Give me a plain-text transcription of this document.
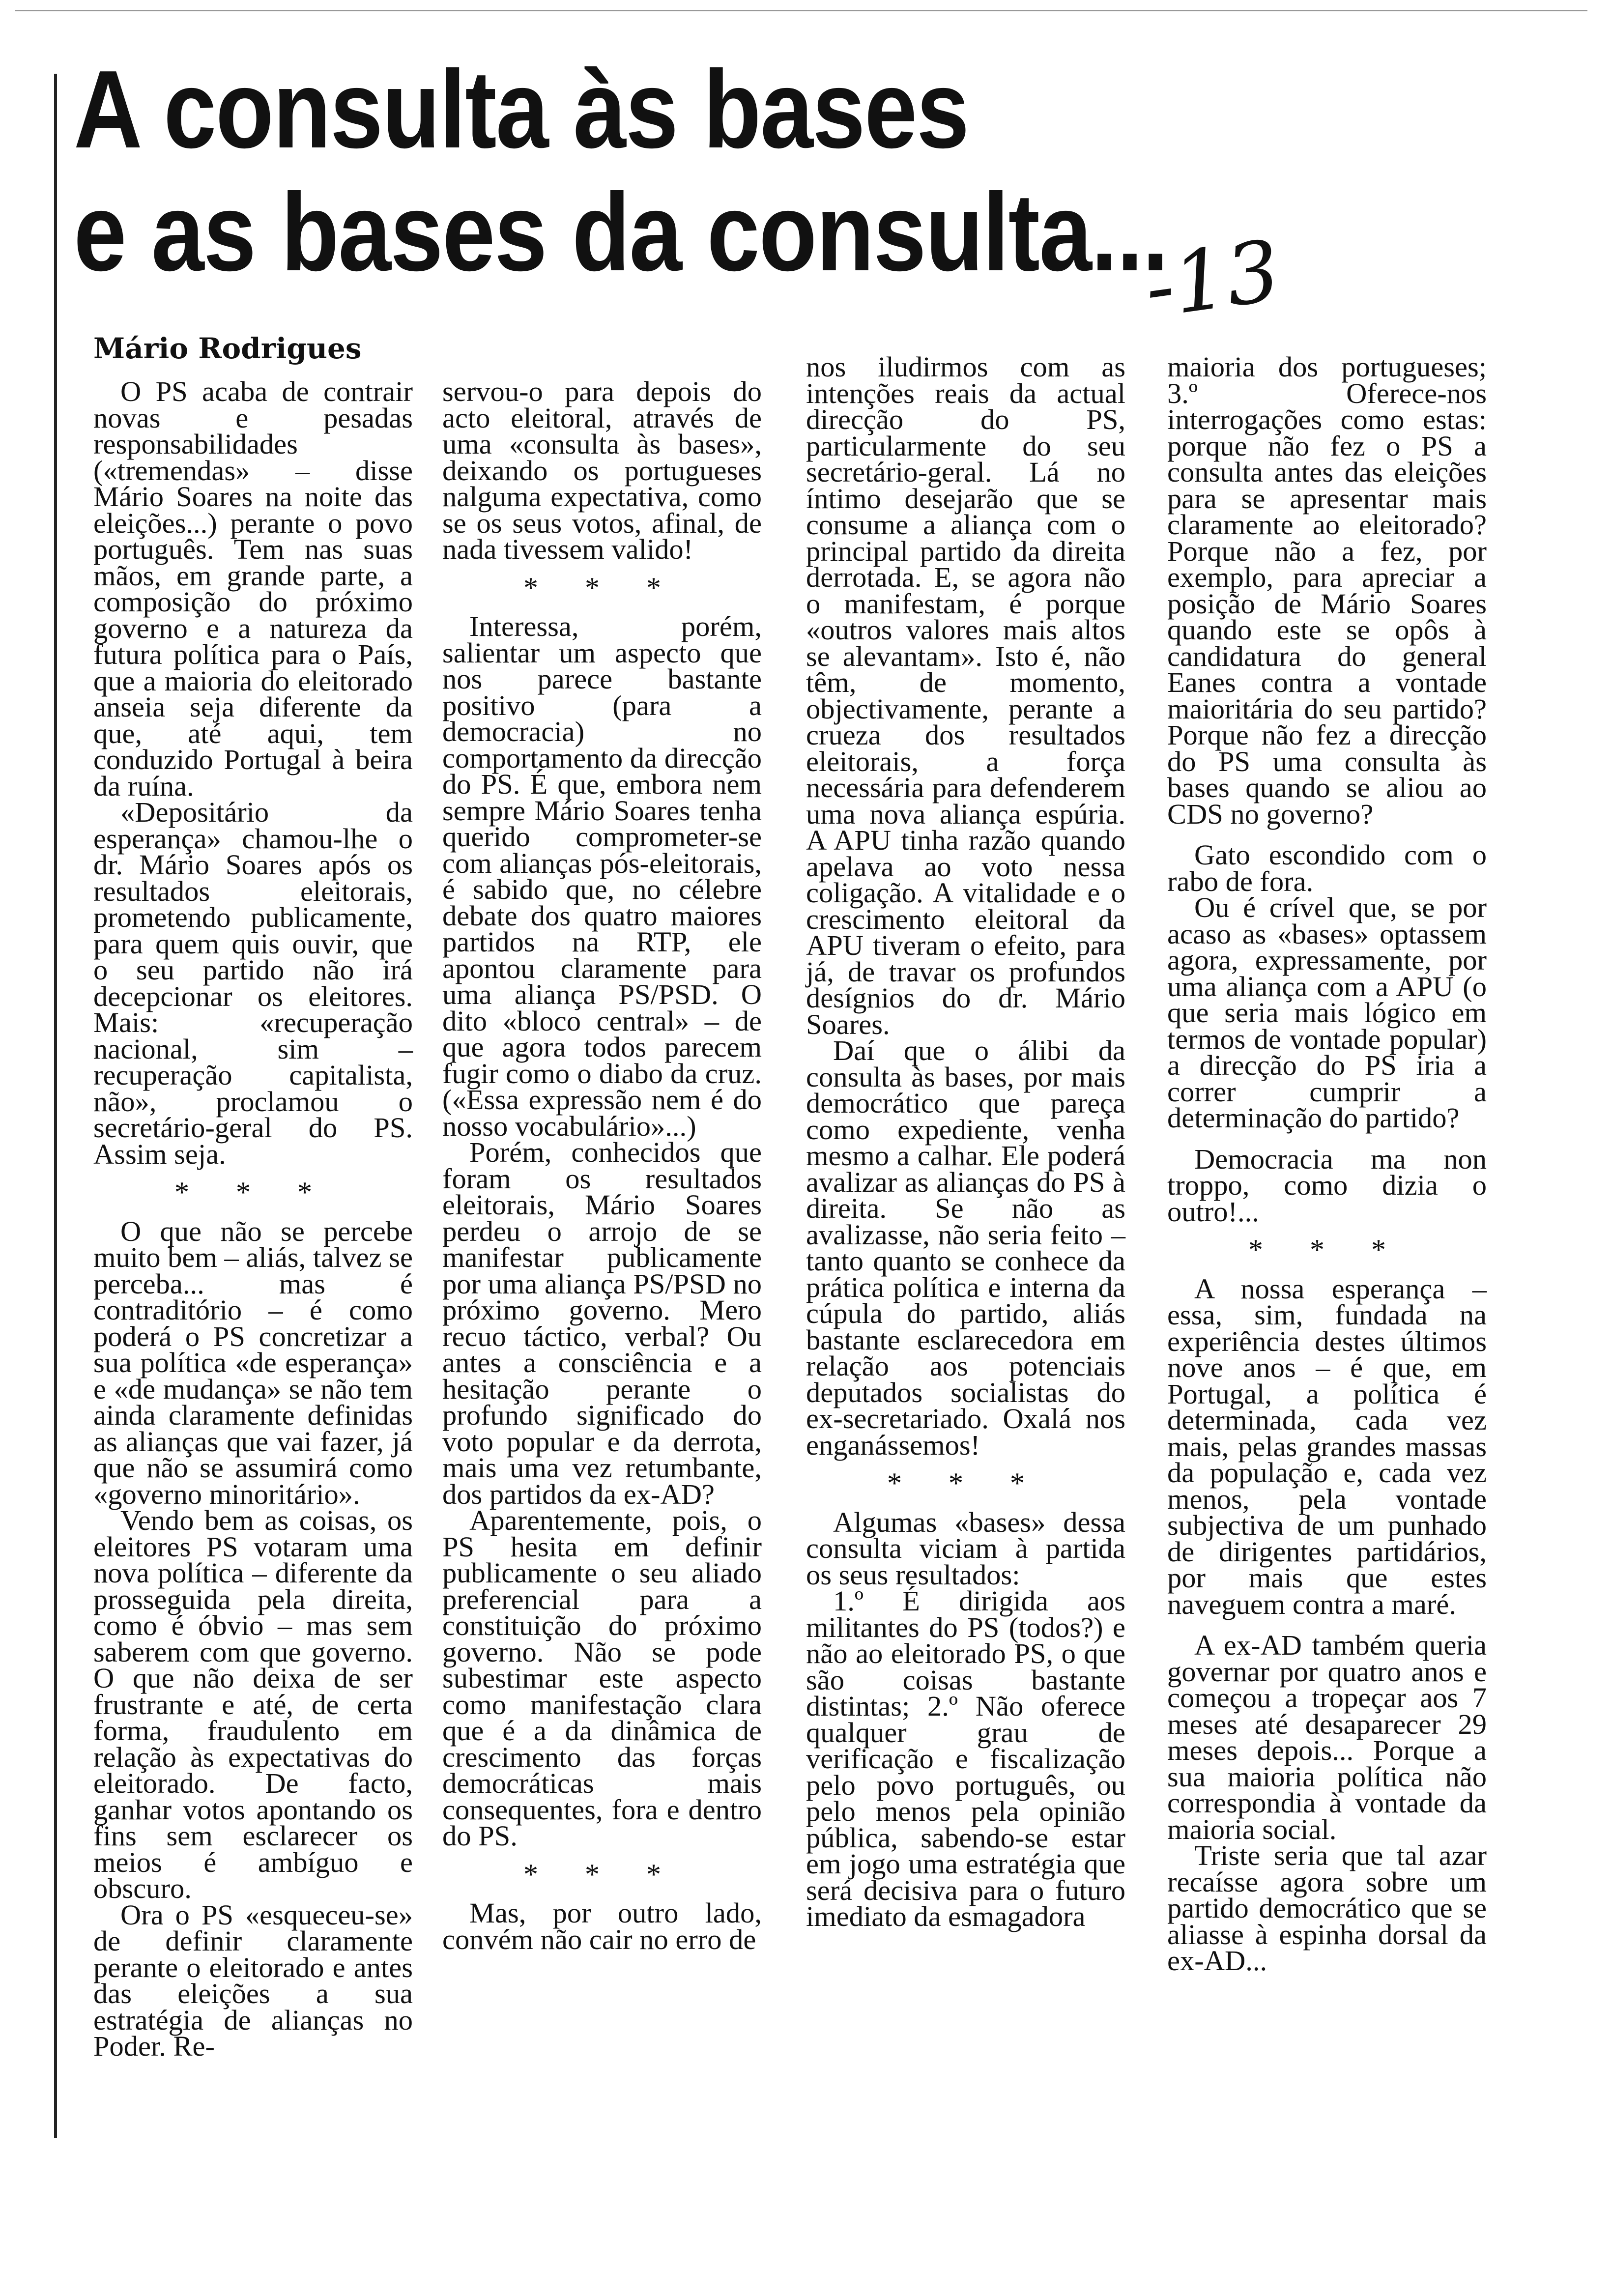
A consulta às bases
e as bases da consulta...
-13
Mário Rodrigues

O PS acaba de contrair novas e pesadas responsabilidades («tremendas» – disse Mário Soares na noite das eleições...) perante o povo português. Tem nas suas mãos, em grande parte, a composição do próximo governo e a natureza da futura política para o País, que a maioria do eleitorado anseia seja diferente da que, até aqui, tem conduzido Portugal à beira da ruína.

«Depositário da esperança» chamou-lhe o dr. Mário Soares após os resultados eleitorais, prometendo publicamente, para quem quis ouvir, que o seu partido não irá decepcionar os eleitores. Mais: «recuperação nacional, sim – recuperação capitalista, não», proclamou o secretário-geral do PS. Assim seja.

* * *

O que não se percebe muito bem – aliás, talvez se perceba... mas é contraditório – é como poderá o PS concretizar a sua política «de esperança» e «de mudança» se não tem ainda claramente definidas as alianças que vai fazer, já que não se assumirá como «governo minoritário».

Vendo bem as coisas, os eleitores PS votaram uma nova política – diferente da prosseguida pela direita, como é óbvio – mas sem saberem com que governo. O que não deixa de ser frustrante e até, de certa forma, fraudulento em relação às expectativas do eleitorado. De facto, ganhar votos apontando os fins sem esclarecer os meios é ambíguo e obscuro.

Ora o PS «esqueceu-se» de definir claramente perante o eleitorado e antes das eleições a sua estratégia de alianças no Poder. Re-

servou-o para depois do acto eleitoral, através de uma «consulta às bases», deixando os portugueses nalguma expectativa, como se os seus votos, afinal, de nada tivessem valido!

* * *

Interessa, porém, salientar um aspecto que nos parece bastante positivo (para a democracia) no comportamento da direcção do PS. É que, embora nem sempre Mário Soares tenha querido comprometer-se com alianças pós-eleitorais, é sabido que, no célebre debate dos quatro maiores partidos na RTP, ele apontou claramente para uma aliança PS/PSD. O dito «bloco central» – de que agora todos parecem fugir como o diabo da cruz. («Essa expressão nem é do nosso vocabulário»...)

Porém, conhecidos que foram os resultados eleitorais, Mário Soares perdeu o arrojo de se manifestar publicamente por uma aliança PS/PSD no próximo governo. Mero recuo táctico, verbal? Ou antes a consciência e a hesitação perante o profundo significado do voto popular e da derrota, mais uma vez retumbante, dos partidos da ex-AD?

Aparentemente, pois, o PS hesita em definir publicamente o seu aliado preferencial para a constituição do próximo governo. Não se pode subestimar este aspecto como manifestação clara que é a da dinâmica de crescimento das forças democráticas mais consequentes, fora e dentro do PS.

* * *

Mas, por outro lado, convém não cair no erro de

nos iludirmos com as intenções reais da actual direcção do PS, particularmente do seu secretário-geral. Lá no íntimo desejarão que se consume a aliança com o principal partido da direita derrotada. E, se agora não o manifestam, é porque «outros valores mais altos se alevantam». Isto é, não têm, de momento, objectivamente, perante a crueza dos resultados eleitorais, a força necessária para defenderem uma nova aliança espúria. A APU tinha razão quando apelava ao voto nessa coligação. A vitalidade e o crescimento eleitoral da APU tiveram o efeito, para já, de travar os profundos desígnios do dr. Mário Soares.

Daí que o álibi da consulta às bases, por mais democrático que pareça como expediente, venha mesmo a calhar. Ele poderá avalizar as alianças do PS à direita. Se não as avalizasse, não seria feito – tanto quanto se conhece da prática política e interna da cúpula do partido, aliás bastante esclarecedora em relação aos potenciais deputados socialistas do ex-secretariado. Oxalá nos enganássemos!

* * *

Algumas «bases» dessa consulta viciam à partida os seus resultados:

1.º É dirigida aos militantes do PS (todos?) e não ao eleitorado PS, o que são coisas bastante distintas; 2.º Não oferece qualquer grau de verificação e fiscalização pelo povo português, ou pelo menos pela opinião pública, sabendo-se estar em jogo uma estratégia que será decisiva para o futuro imediato da esmagadora

maioria dos portugueses; 3.º Oferece-nos interrogações como estas: porque não fez o PS a consulta antes das eleições para se apresentar mais claramente ao eleitorado? Porque não a fez, por exemplo, para apreciar a posição de Mário Soares quando este se opôs à candidatura do general Eanes contra a vontade maioritária do seu partido? Porque não fez a direcção do PS uma consulta às bases quando se aliou ao CDS no governo?

Gato escondido com o rabo de fora.

Ou é crível que, se por acaso as «bases» optassem agora, expressamente, por uma aliança com a APU (o que seria mais lógico em termos de vontade popular) a direcção do PS iria a correr cumprir a determinação do partido?

Democracia ma non troppo, como dizia o outro!...

* * *

A nossa esperança – essa, sim, fundada na experiência destes últimos nove anos – é que, em Portugal, a política é determinada, cada vez mais, pelas grandes massas da população e, cada vez menos, pela vontade subjectiva de um punhado de dirigentes partidários, por mais que estes naveguem contra a maré.

A ex-AD também queria governar por quatro anos e começou a tropeçar aos 7 meses até desaparecer 29 meses depois... Porque a sua maioria política não correspondia à vontade da maioria social.

Triste seria que tal azar recaísse agora sobre um partido democrático que se aliasse à espinha dorsal da ex-AD...
